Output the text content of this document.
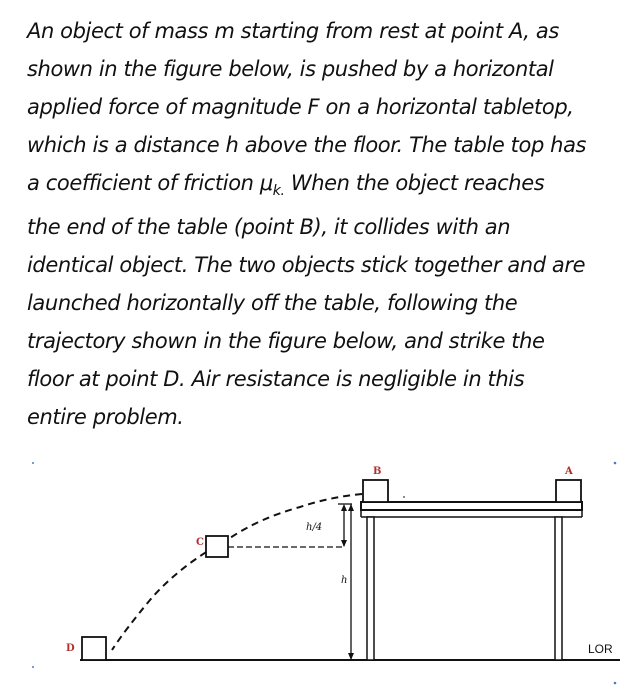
An object of mass m starting from rest at point A, as
shown in the figure below, is pushed by a horizontal
applied force of magnitude F on a horizontal tabletop,
which is a distance h above the floor. The table top has
a coefficient of friction $\mu_{k.}$ When the object reaches
the end of the table (point B), it collides with an
identical object. The two objects stick together and are
launched horizontally off the table, following the
trajectory shown in the figure below, and strike the
floor at point D. Air resistance is negligible in this
entire problem.
B	A
C
D
h/4
h
LOR
